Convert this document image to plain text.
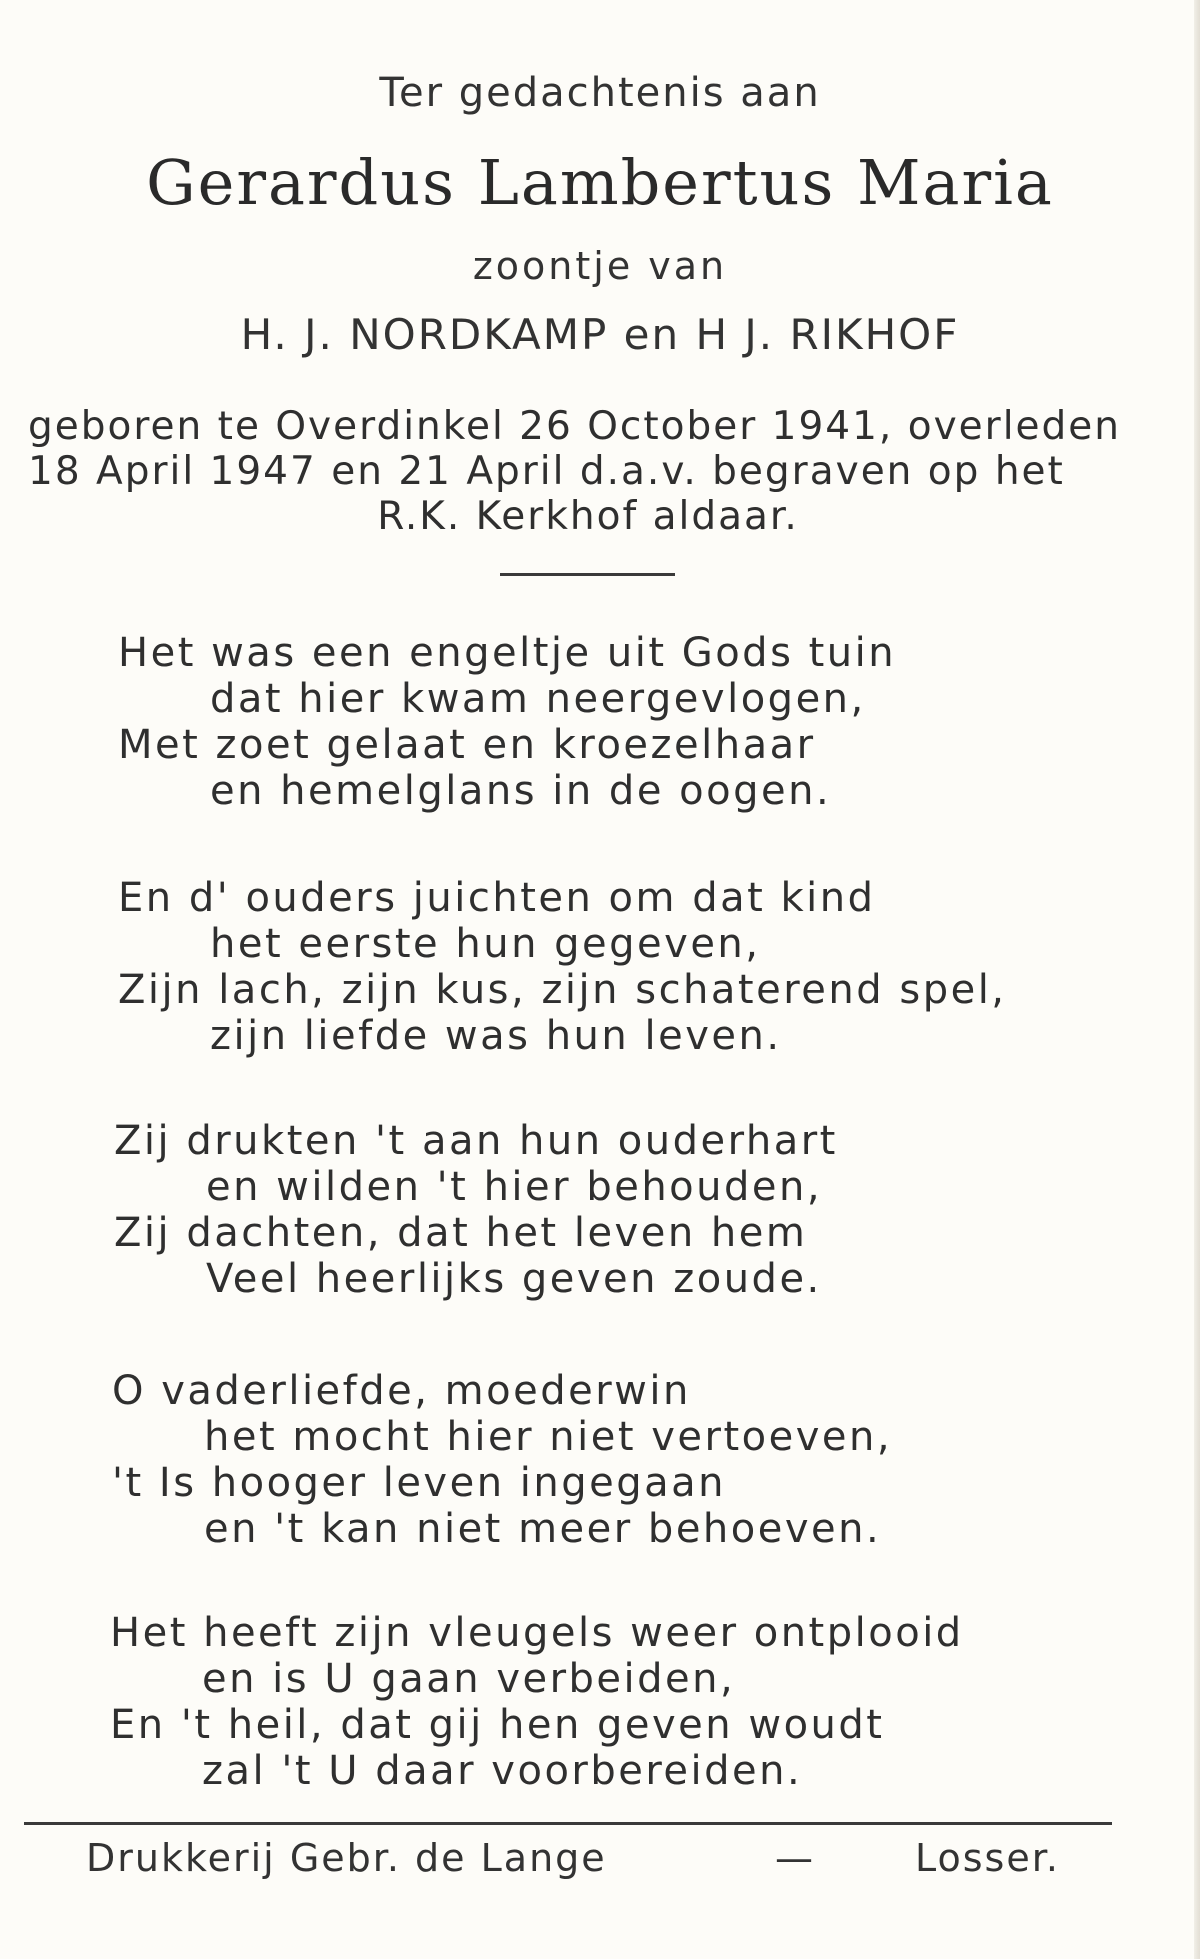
Ter gedachtenis aan
Gerardus Lambertus Maria
zoontje van
H. J. NORDKAMP en H J. RIKHOF
geboren te Overdinkel 26 October 1941, overleden
18 April 1947 en 21 April d.a.v. begraven op het
R.K. Kerkhof aldaar.
Het was een engeltje uit Gods tuin
dat hier kwam neergevlogen,
Met zoet gelaat en kroezelhaar
en hemelglans in de oogen.
En d' ouders juichten om dat kind
het eerste hun gegeven,
Zijn lach, zijn kus, zijn schaterend spel,
zijn liefde was hun leven.
Zij drukten 't aan hun ouderhart
en wilden 't hier behouden,
Zij dachten, dat het leven hem
Veel heerlijks geven zoude.
O vaderliefde, moederwin
het mocht hier niet vertoeven,
't Is hooger leven ingegaan
en 't kan niet meer behoeven.
Het heeft zijn vleugels weer ontplooid
en is U gaan verbeiden,
En 't heil, dat gij hen geven woudt
zal 't U daar voorbereiden.
Drukkerij Gebr. de Lange	—	Losser.
